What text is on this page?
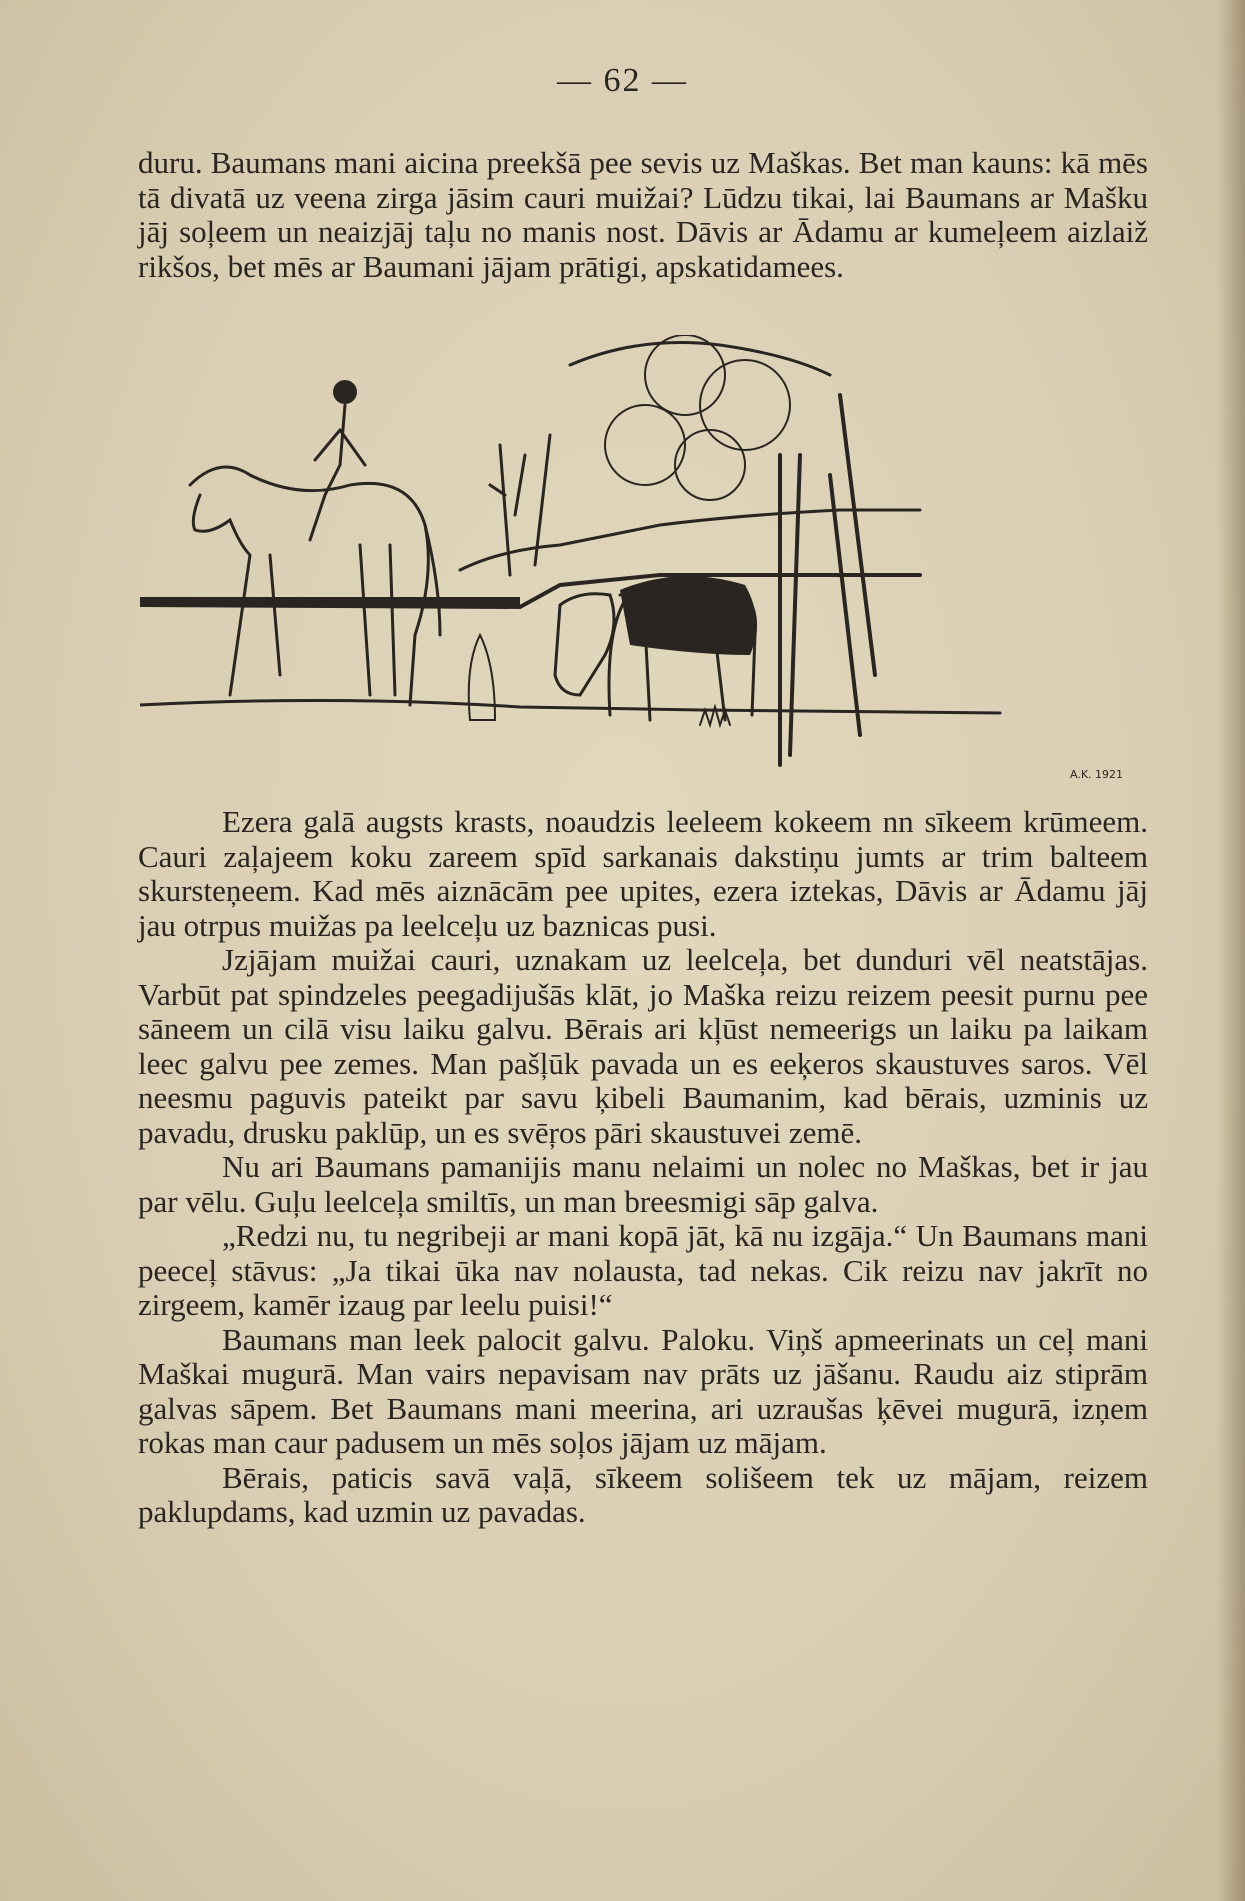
— 62 —

duru. Baumans mani aicina preekšā pee sevis uz Maškas. Bet man kauns: kā mēs tā divatā uz veena zirga jāsim cauri muižai? Lūdzu tikai, lai Baumans ar Mašku jāj soļeem un neaizjāj taļu no manis nost. Dāvis ar Ādamu ar kumeļeem aizlaiž rikšos, bet mēs ar Baumani jājam prātigi, apskatidamees.

A.K. 1921

Ezera galā augsts krasts, noaudzis leeleem kokeem nn sīkeem krūmeem. Cauri zaļajeem koku zareem spīd sarkanais dakstiņu jumts ar trim balteem skursteņeem. Kad mēs aiznācām pee upites, ezera iztekas, Dāvis ar Ādamu jāj jau otrpus muižas pa leelceļu uz baznicas pusi.

Jzjājam muižai cauri, uznakam uz leelceļa, bet dunduri vēl neatstājas. Varbūt pat spindzeles peegadijušās klāt, jo Maška reizu reizem peesit purnu pee sāneem un cilā visu laiku galvu. Bērais ari kļūst nemeerigs un laiku pa laikam leec galvu pee zemes. Man pašļūk pavada un es eeķeros skaustuves saros. Vēl neesmu paguvis pateikt par savu ķibeli Baumanim, kad bērais, uzminis uz pavadu, drusku paklūp, un es svēŗos pāri skaustuvei zemē.

Nu ari Baumans pamanijis manu nelaimi un nolec no Maškas, bet ir jau par vēlu. Guļu leelceļa smiltīs, un man breesmigi sāp galva.

„Redzi nu, tu negribeji ar mani kopā jāt, kā nu izgāja.“ Un Baumans mani peeceļ stāvus: „Ja tikai ūka nav nolausta, tad nekas. Cik reizu nav jakrīt no zirgeem, kamēr izaug par leelu puisi!“

Baumans man leek palocit galvu. Paloku. Viņš apmeerinats un ceļ mani Maškai mugurā. Man vairs nepavisam nav prāts uz jāšanu. Raudu aiz stiprām galvas sāpem. Bet Baumans mani meerina, ari uzraušas ķēvei mugurā, izņem rokas man caur padusem un mēs soļos jājam uz mājam.

Bērais, paticis savā vaļā, sīkeem solišeem tek uz mājam, reizem paklupdams, kad uzmin uz pavadas.
